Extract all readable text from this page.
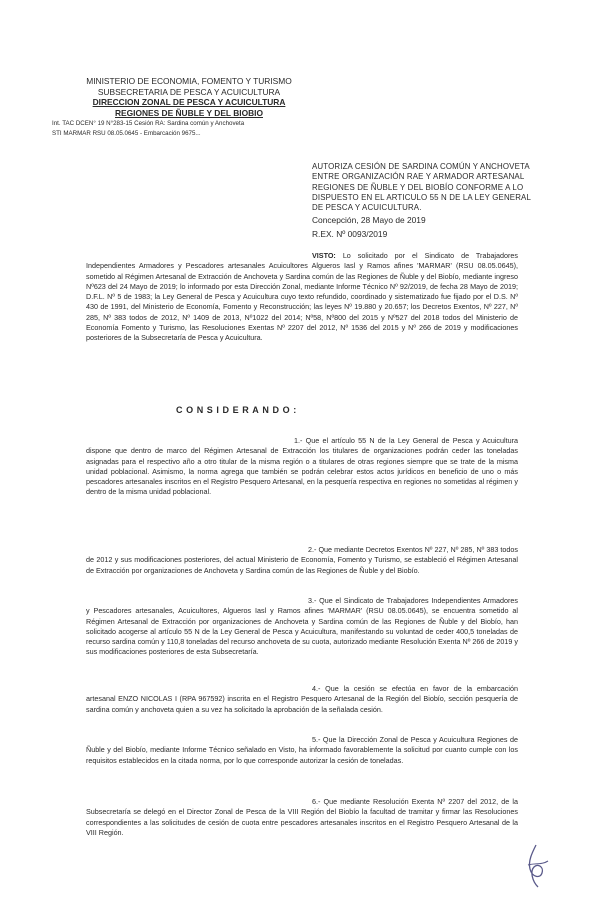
MINISTERIO DE ECONOMIA, FOMENTO Y TURISMO
SUBSECRETARIA DE PESCA Y ACUICULTURA
DIRECCION ZONAL DE PESCA Y ACUICULTURA
REGIONES DE ÑUBLE Y DEL BIOBIO
Int. TAC DCEN° 19 N°283-15 Cesión RA: Sardina común y Anchoveta
STI MARMAR RSU 08.05.0645 - Embarcación 9675...
AUTORIZA CESIÓN DE SARDINA COMÚN Y ANCHOVETA ENTRE ORGANIZACIÓN RAE Y ARMADOR ARTESANAL REGIONES DE ÑUBLE Y DEL BIOBÍO CONFORME A LO DISPUESTO EN EL ARTICULO 55 N DE LA LEY GENERAL DE PESCA Y ACUICULTURA.
Concepción, 28 Mayo de 2019
R.EX. Nº 0093/2019
VISTO: Lo solicitado por el Sindicato de Trabajadores Independientes Armadores y Pescadores artesanales Acuicultores Algueros Iasl y Ramos afines 'MARMAR' (RSU 08.05.0645), sometido al Régimen Artesanal de Extracción de Anchoveta y Sardina común de las Regiones de Ñuble y del Biobío, mediante ingreso Nº623 del 24 Mayo de 2019; lo informado por esta Dirección Zonal, mediante Informe Técnico Nº 92/2019, de fecha 28 Mayo de 2019; D.F.L. Nº 5 de 1983; la Ley General de Pesca y Acuicultura cuyo texto refundido, coordinado y sistematizado fue fijado por el D.S. Nº 430 de 1991, del Ministerio de Economía, Fomento y Reconstrucción; las leyes Nº 19.880 y 20.657; los Decretos Exentos, Nº 227, Nº 285, Nº 383 todos de 2012, Nº 1409 de 2013, Nº1022 del 2014; Nº58, Nº800 del 2015 y Nº527 del 2018 todos del Ministerio de Economía Fomento y Turismo, las Resoluciones Exentas Nº 2207 del 2012, Nº 1536 del 2015 y Nº 266 de 2019 y modificaciones posteriores de la Subsecretaría de Pesca y Acuicultura.
CONSIDERANDO:
1.- Que el artículo 55 N de la Ley General de Pesca y Acuicultura dispone que dentro de marco del Régimen Artesanal de Extracción los titulares de organizaciones podrán ceder las toneladas asignadas para el respectivo año a otro titular de la misma región o a titulares de otras regiones siempre que se trate de la misma unidad poblacional. Asimismo, la norma agrega que también se podrán celebrar estos actos jurídicos en beneficio de uno o más pescadores artesanales inscritos en el Registro Pesquero Artesanal, en la pesquería respectiva en regiones no sometidas al régimen y dentro de la misma unidad poblacional.
2.- Que mediante Decretos Exentos Nº 227, Nº 285, Nº 383 todos de 2012 y sus modificaciones posteriores, del actual Ministerio de Economía, Fomento y Turismo, se estableció el Régimen Artesanal de Extracción por organizaciones de Anchoveta y Sardina común de las Regiones de Ñuble y del Biobío.
3.- Que el Sindicato de Trabajadores Independientes Armadores y Pescadores artesanales, Acuicultores, Algueros Iasl y Ramos afines 'MARMAR' (RSU 08.05.0645), se encuentra sometido al Régimen Artesanal de Extracción por organizaciones de Anchoveta y Sardina común de las Regiones de Ñuble y del Biobío, han solicitado acogerse al artículo 55 N de la Ley General de Pesca y Acuicultura, manifestando su voluntad de ceder 400,5 toneladas de recurso sardina común y 110,8 toneladas del recurso anchoveta de su cuota, autorizado mediante Resolución Exenta Nº 266 de 2019 y sus modificaciones posteriores de esta Subsecretaría.
4.- Que la cesión se efectúa en favor de la embarcación artesanal ENZO NICOLAS I (RPA 967592) inscrita en el Registro Pesquero Artesanal de la Región del Biobío, sección pesquería de sardina común y anchoveta quien a su vez ha solicitado la aprobación de la señalada cesión.
5.- Que la Dirección Zonal de Pesca y Acuicultura Regiones de Ñuble y del Biobío, mediante Informe Técnico señalado en Visto, ha informado favorablemente la solicitud por cuanto cumple con los requisitos establecidos en la citada norma, por lo que corresponde autorizar la cesión de toneladas.
6.- Que mediante Resolución Exenta Nº 2207 del 2012, de la Subsecretaría se delegó en el Director Zonal de Pesca de la VIII Región del Biobío la facultad de tramitar y firmar las Resoluciones correspondientes a las solicitudes de cesión de cuota entre pescadores artesanales inscritos en el Registro Pesquero Artesanal de la VIII Región.
